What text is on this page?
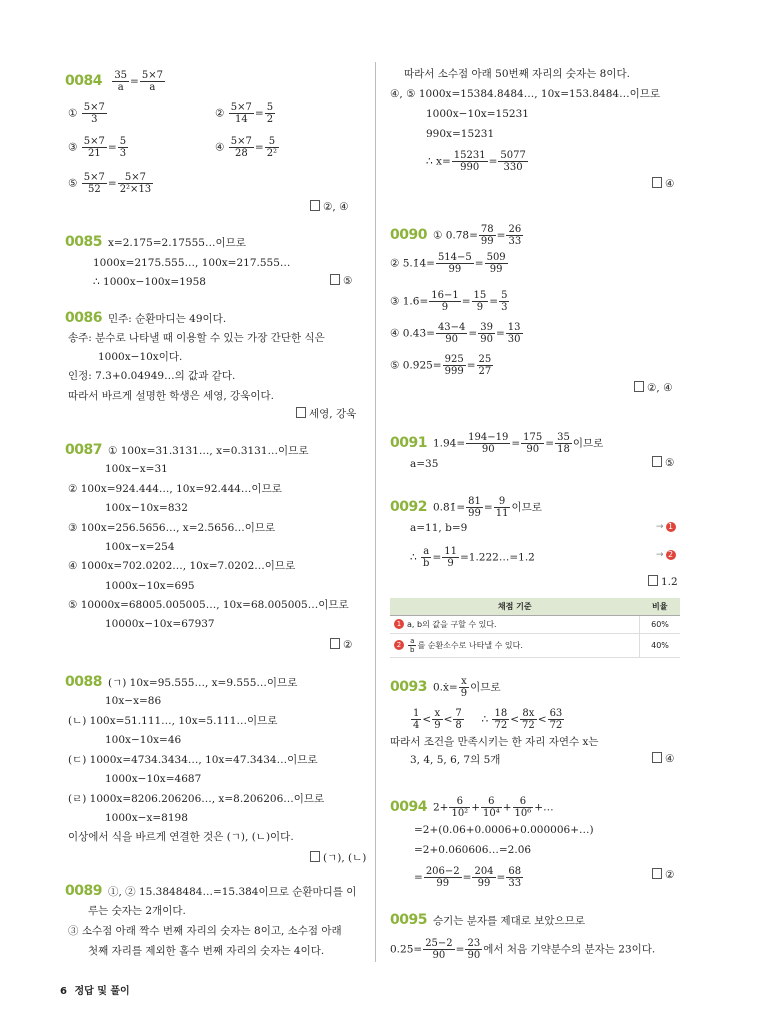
$0084 \frac{35}{a} = \frac{5\times 7}{a}$
① $\frac{5\times 7}{3}$	② $\frac{5\times 7}{14} = \frac{5}{2}$
③ $\frac{5\times 7}{21} = \frac{5}{3}$	④ $\frac{5\times 7}{28} = \frac{5}{\text{2²}}$
⑤ $\frac{5\times 7}{52} = \frac{5\times 7}{\text{2²×13}}$
②, ④
0085 x=2.175̇=2.17555…이므로
1000x=2175.555…, 100x=217.555…
∴ 1000x−100x=1958	⑤
0086 민주: 순환마디는 49이다.
송주: 분수로 나타낼 때 이용할 수 있는 가장 간단한 식은
1000x−10x이다.
인정: 7.3+0.04949…의 값과 같다.
따라서 바르게 설명한 학생은 세영, 강욱이다.
세영, 강욱
0087 ① 100x=31.3131…, x=0.3131…이므로
100x−x=31
② 100x=924.444…, 10x=92.444…이므로
100x−10x=832
③ 100x=256.5656…, x=2.5656…이므로
100x−x=254
④ 1000x=702.0202…, 10x=7.0202…이므로
1000x−10x=695
⑤ 10000x=68005.005005…, 10x=68.005005…이므로
10000x−10x=67937
②
0088 (ㄱ) 10x=95.555…, x=9.555…이므로
10x−x=86
(ㄴ) 100x=51.111…, 10x=5.111…이므로
100x−10x=46
(ㄷ) 1000x=4734.3434…, 10x=47.3434…이므로
1000x−10x=4687
(ㄹ) 1000x=8206.206206…, x=8.206206…이므로
1000x−x=8198
이상에서 식을 바르게 연결한 것은 (ㄱ), (ㄴ)이다.
(ㄱ), (ㄴ)
0089 ①, ② 15.3848484…=15.38̇4̇이므로 순환마디를 이
루는 숫자는 2개이다.
③ 소수점 아래 짝수 번째 자리의 숫자는 8이고, 소수점 아래
첫째 자리를 제외한 홀수 번째 자리의 숫자는 4이다.
6 정답 및 풀이
따라서 소수점 아래 50번째 자리의 숫자는 8이다.
④, ⑤ 1000x=15384.8484…, 10x=153.8484…이므로
1000x−10x=15231
990x=15231
∴ $x= \frac{15231}{990} = \frac{5077}{330}$
④
0090 ① 0.7̇8̇= $\frac{78}{99} = \frac{26}{33}$
② 5.1̇4̇= $\frac{514-5}{99} = \frac{509}{99}$
③ 1.6̇= $\frac{16-1}{9} = \frac{15}{9} = \frac{5}{3}$
④ 0.43̇= $\frac{43-4}{90} = \frac{39}{90} = \frac{13}{30}$
⑤ 0.9̇25̇= $\frac{925}{999} = \frac{25}{27}$
②, ④
0091 1.94̇= $\frac{194-19}{90} = \frac{175}{90} = \frac{35}{18}$ 이므로
a=35	⑤
0092 0.8̇1̇= $\frac{81}{99} = \frac{9}{11}$ 이므로
a=11, b=9	→ 1
∴ $\frac{a}{b} = \frac{11}{9}$ =1.222…=1.2̇	→ 2
1.2̇
채점 기준	비율
1 a, b의 값을 구할 수 있다.	60%
$2 \frac{a}{b}$ 를 순환소수로 나타낼 수 있다.	40%
0093 0.ẋ= $\frac{x}{9}$ 이므로
$\frac{1}{4} < \frac{x}{9} < \frac{7}{8}$ ∴ $\frac{18}{72} < \frac{8x}{72} < \frac{63}{72}$
따라서 조건을 만족시키는 한 자리 자연수 x는
3, 4, 5, 6, 7의 5개	④
0094 $2+ \frac{6}{\text{10²}} + \frac{6}{\text{10⁴}} + \frac{6}{\text{10⁶}}$ +…
=2+(0.06+0.0006+0.000006+…)
=2+0.060606…=2.0̇6̇
= $\frac{206-2}{99} = \frac{204}{99} = \frac{68}{33}$	②
0095 승기는 분자를 제대로 보았으므로
0.25̇= $\frac{25-2}{90} = \frac{23}{90}$ 에서 처음 기약분수의 분자는 23이다.
